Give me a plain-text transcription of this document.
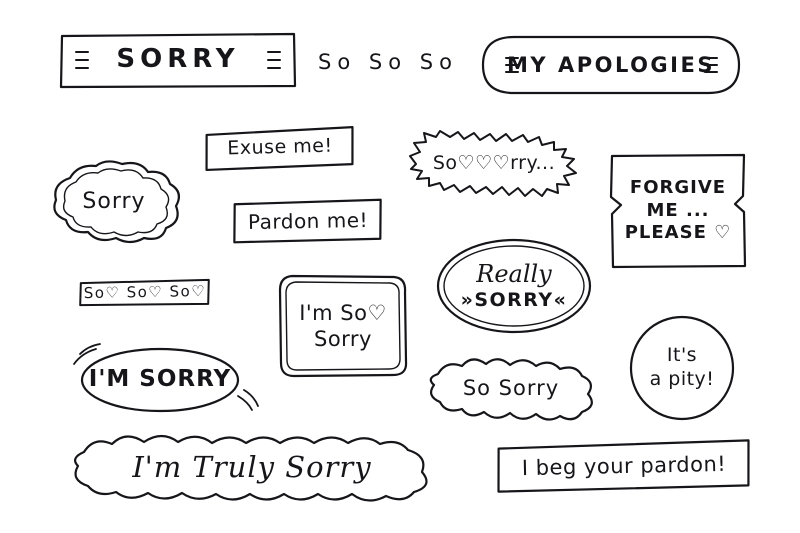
SORRY	So So So MY APOLOGIES
Exuse me!
So♡♡♡rry...
FORGIVE
ME ...
PLEASE ♡
Sorry
Pardon me!
Really
»SORRY«
So♡ So♡ So♡
I'm So♡
Sorry
It's
a pity!
I'M SORRY	So Sorry
I'm Truly Sorry	I beg your pardon!
